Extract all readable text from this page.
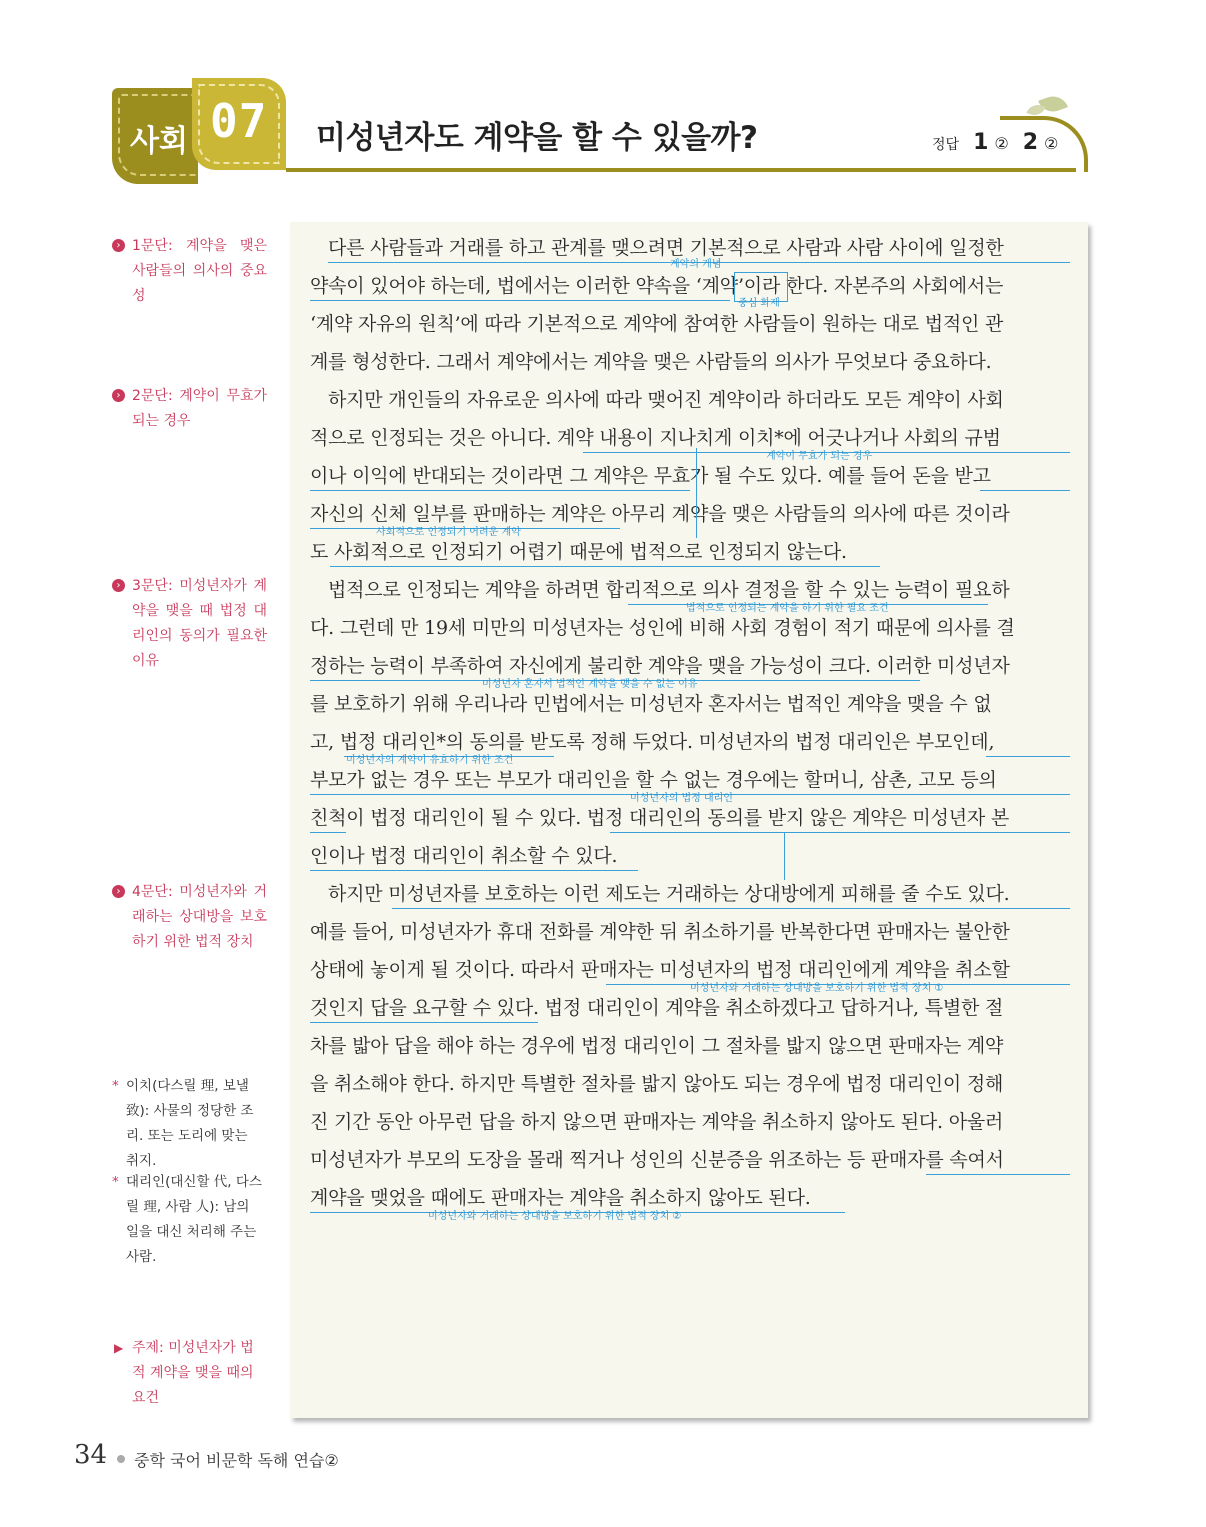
사회 07 미성년자도 계약을 할 수 있을까?	정답 1 ② 2 ②
› 1문단: 계약을 맺은 사람들의 의사의 중요성
› 2문단: 계약이 무효가 되는 경우
› 3문단: 미성년자가 계약을 맺을 때 법정 대리인의 동의가 필요한 이유
› 4문단: 미성년자와 거래하는 상대방을 보호하기 위한 법적 장치
* 이치(다스릴 理, 보낼 致): 사물의 정당한 조리. 또는 도리에 맞는 취지.
* 대리인(대신할 代, 다스릴 理, 사람 人): 남의 일을 대신 처리해 주는 사람.
▶ 주제: 미성년자가 법적 계약을 맺을 때의 요건
다른 사람들과 거래를 하고 관계를 맺으려면 기본적으로 사람과 사람 사이에 일정한
약속이 있어야 하는데, 법에서는 이러한 약속을 ‘계약’이라 한다. 자본주의 사회에서는
‘계약 자유의 원칙’에 따라 기본적으로 계약에 참여한 사람들이 원하는 대로 법적인 관
계를 형성한다. 그래서 계약에서는 계약을 맺은 사람들의 의사가 무엇보다 중요하다.
하지만 개인들의 자유로운 의사에 따라 맺어진 계약이라 하더라도 모든 계약이 사회
적으로 인정되는 것은 아니다. 계약 내용이 지나치게 이치*에 어긋나거나 사회의 규범
이나 이익에 반대되는 것이라면 그 계약은 무효가 될 수도 있다. 예를 들어 돈을 받고
자신의 신체 일부를 판매하는 계약은 아무리 계약을 맺은 사람들의 의사에 따른 것이라
도 사회적으로 인정되기 어렵기 때문에 법적으로 인정되지 않는다.
법적으로 인정되는 계약을 하려면 합리적으로 의사 결정을 할 수 있는 능력이 필요하
다. 그런데 만 19세 미만의 미성년자는 성인에 비해 사회 경험이 적기 때문에 의사를 결
정하는 능력이 부족하여 자신에게 불리한 계약을 맺을 가능성이 크다. 이러한 미성년자
를 보호하기 위해 우리나라 민법에서는 미성년자 혼자서는 법적인 계약을 맺을 수 없
고, 법정 대리인*의 동의를 받도록 정해 두었다. 미성년자의 법정 대리인은 부모인데,
부모가 없는 경우 또는 부모가 대리인을 할 수 없는 경우에는 할머니, 삼촌, 고모 등의
친척이 법정 대리인이 될 수 있다. 법정 대리인의 동의를 받지 않은 계약은 미성년자 본
인이나 법정 대리인이 취소할 수 있다.
하지만 미성년자를 보호하는 이런 제도는 거래하는 상대방에게 피해를 줄 수도 있다.
예를 들어, 미성년자가 휴대 전화를 계약한 뒤 취소하기를 반복한다면 판매자는 불안한
상태에 놓이게 될 것이다. 따라서 판매자는 미성년자의 법정 대리인에게 계약을 취소할
것인지 답을 요구할 수 있다. 법정 대리인이 계약을 취소하겠다고 답하거나, 특별한 절
차를 밟아 답을 해야 하는 경우에 법정 대리인이 그 절차를 밟지 않으면 판매자는 계약
을 취소해야 한다. 하지만 특별한 절차를 밟지 않아도 되는 경우에 법정 대리인이 정해
진 기간 동안 아무런 답을 하지 않으면 판매자는 계약을 취소하지 않아도 된다. 아울러
미성년자가 부모의 도장을 몰래 찍거나 성인의 신분증을 위조하는 등 판매자를 속여서
계약을 맺었을 때에도 판매자는 계약을 취소하지 않아도 된다.
계약의 개념
중심 화제
계약이 무효가 되는 경우
사회적으로 인정되기 어려운 계약
법적으로 인정되는 계약을 하기 위한 필요 조건
미성년자 혼자서 법적인 계약을 맺을 수 없는 이유
미성년자의 계약이 유효하기 위한 조건
미성년자의 법정 대리인
미성년자와 거래하는 상대방을 보호하기 위한 법적 장치 ①
미성년자와 거래하는 상대방을 보호하기 위한 법적 장치 ②
34 중학 국어 비문학 독해 연습②
